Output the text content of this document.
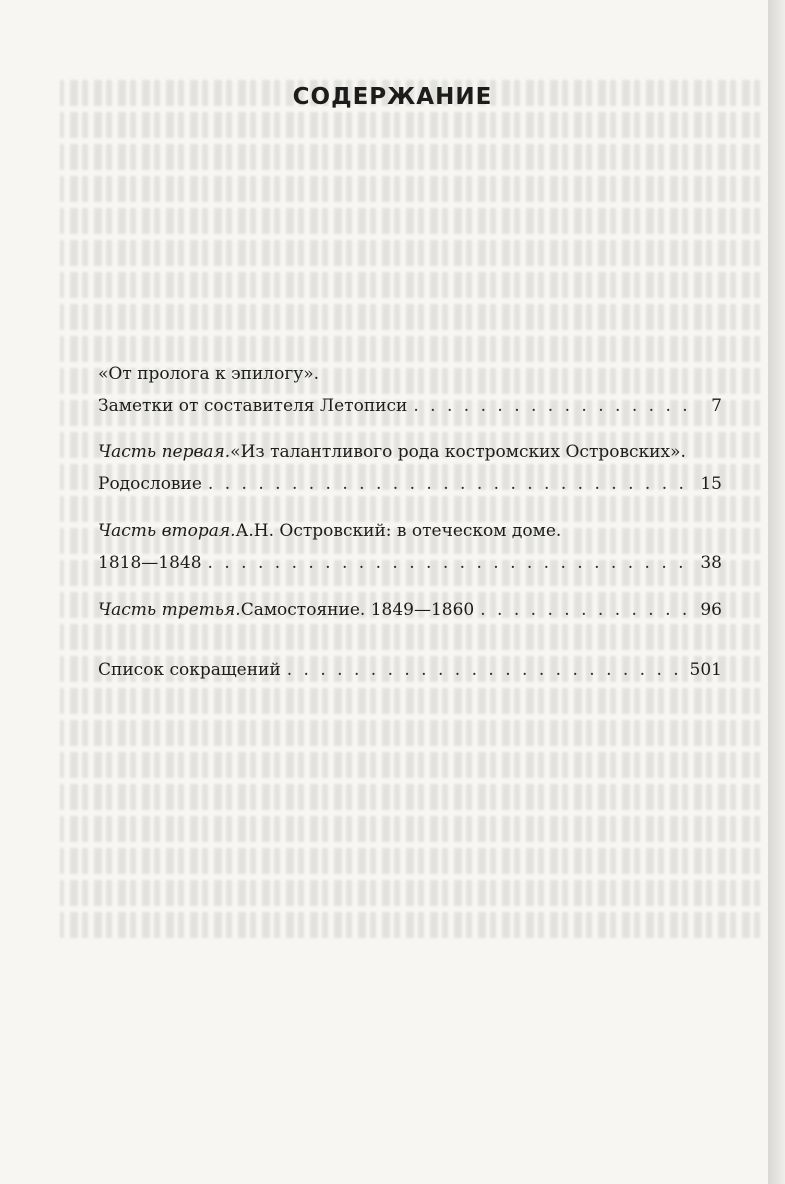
СОДЕРЖАНИЕ
«От пролога к эпилогу».
Заметки от составителя Летописи . . .	7
Часть первая. «Из талантливого рода костромских Островских».
Родословие . . .	15
Часть вторая. А.Н. Островский: в отеческом доме.
1818—1848 . . .	38
Часть третья. Самостояние. 1849—1860 . . .	96
Список сокращений . . .	501
